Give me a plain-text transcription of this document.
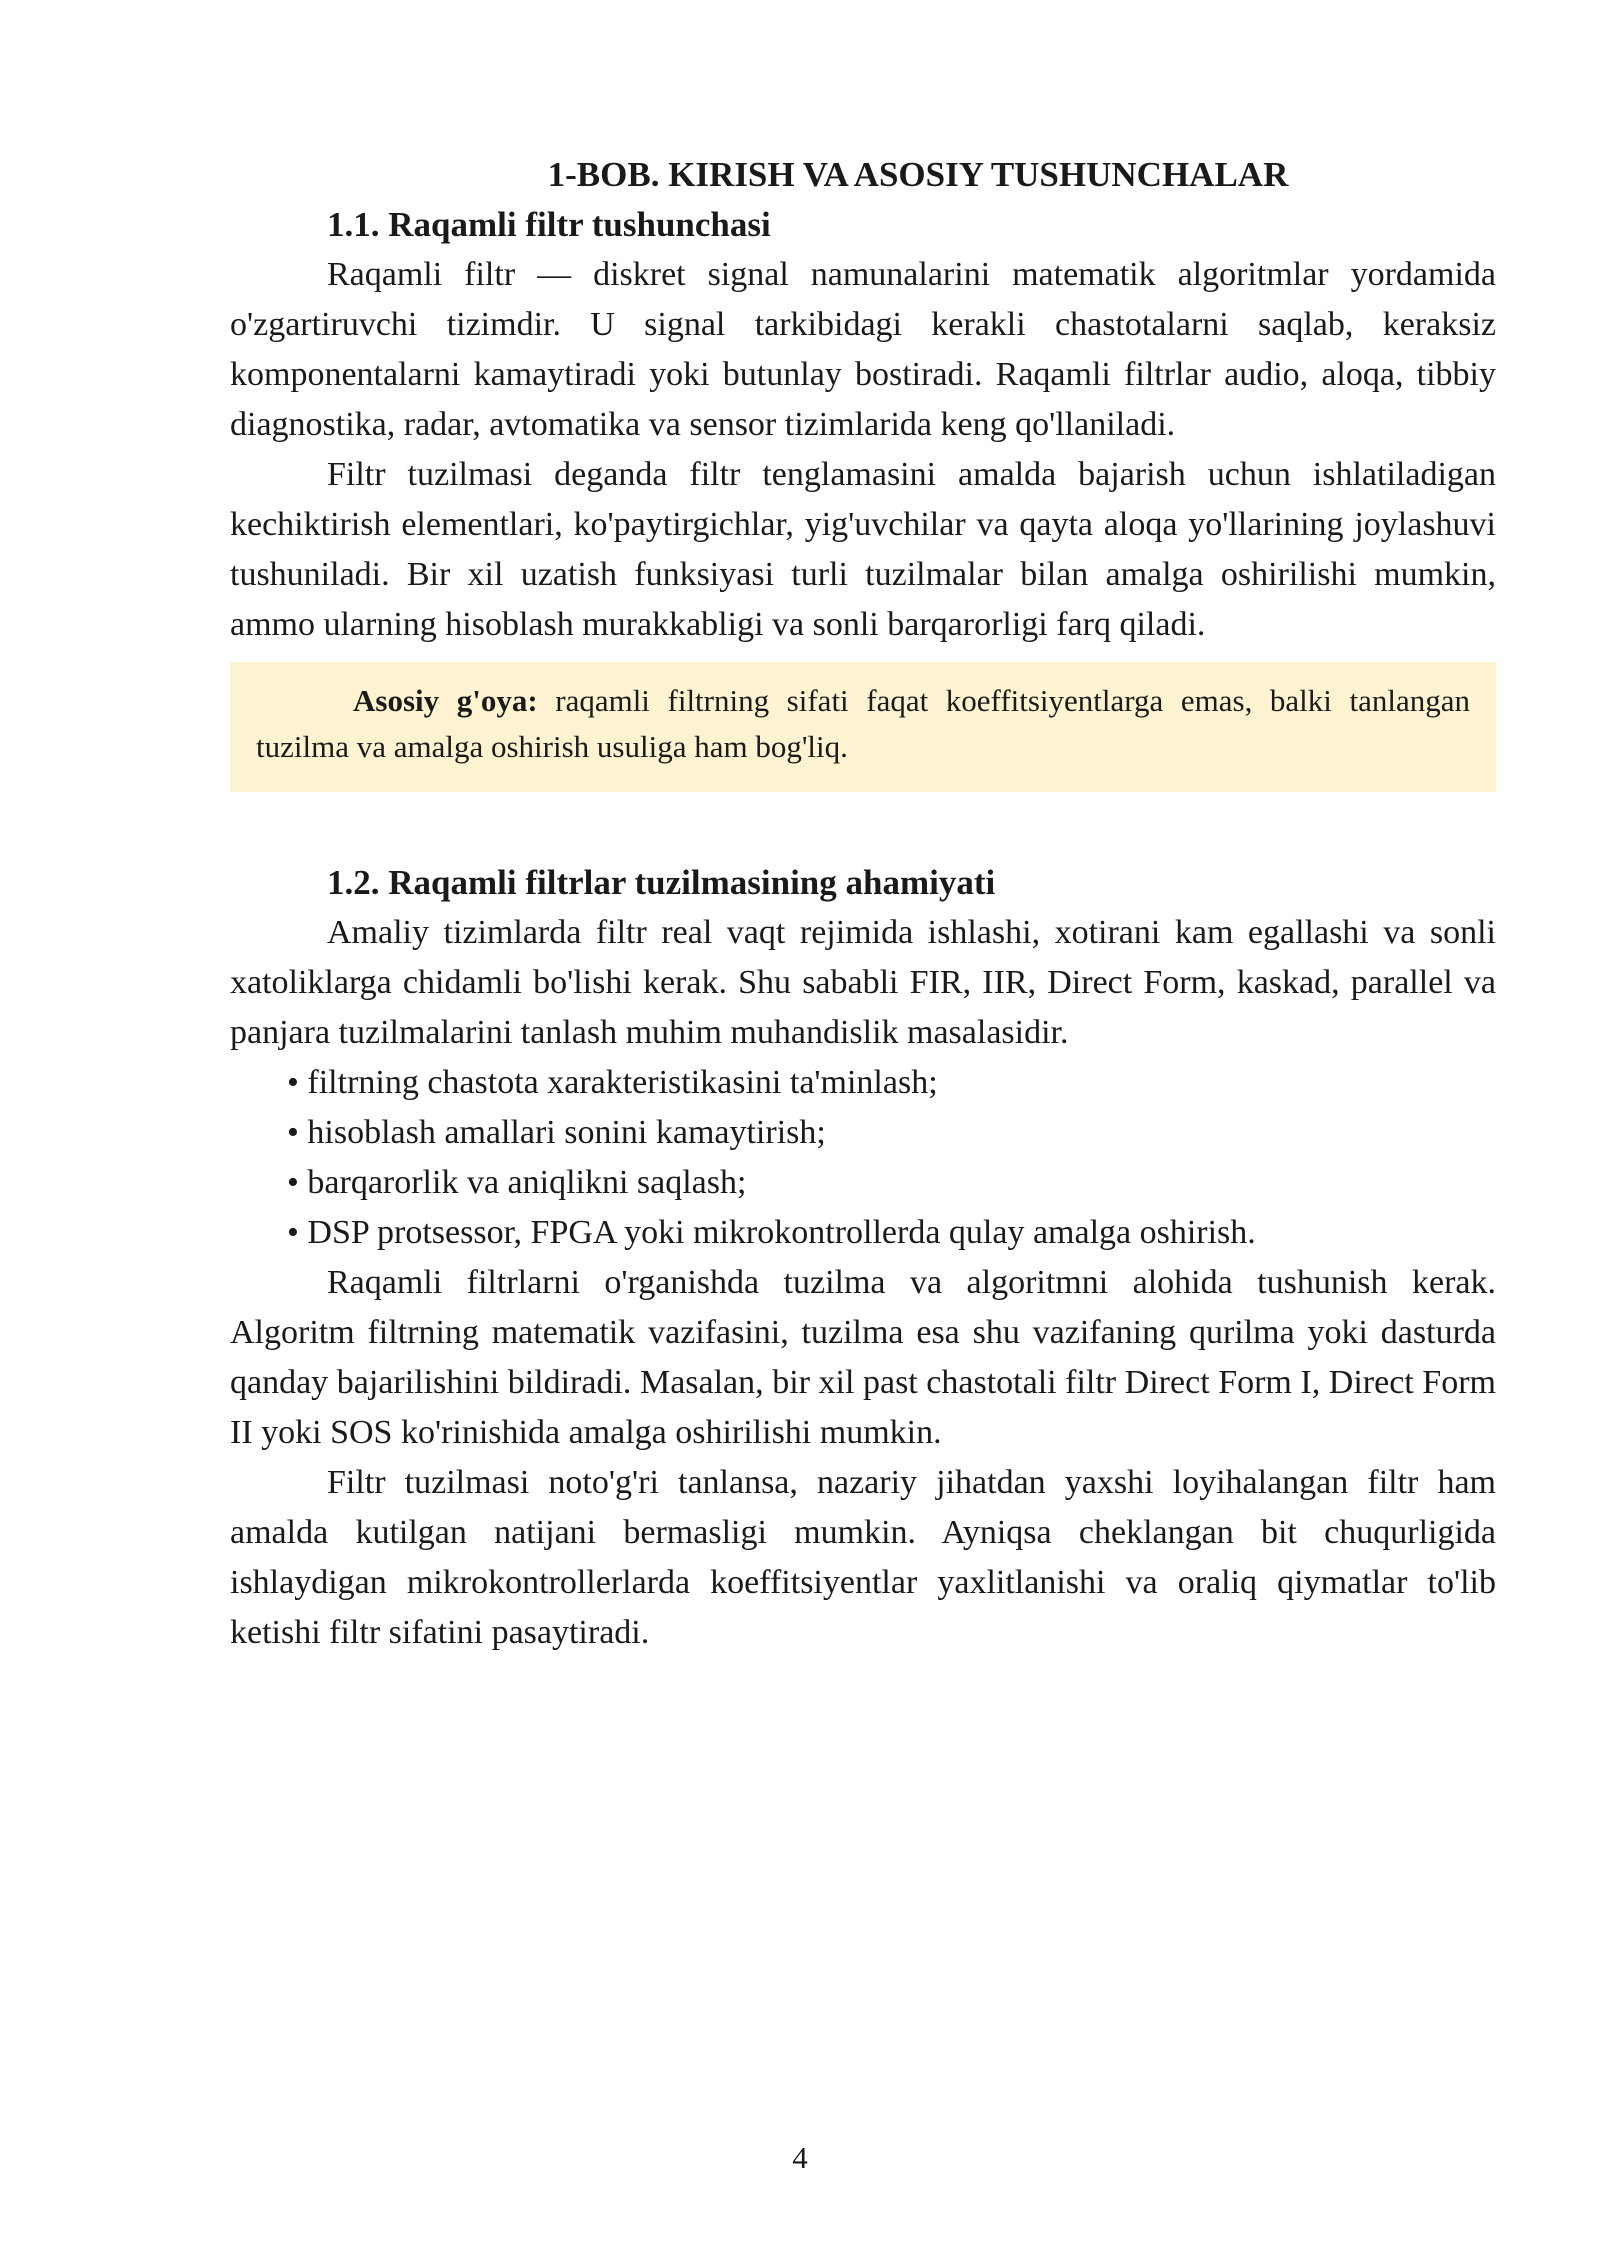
1-BOB. KIRISH VA ASOSIY TUSHUNCHALAR
1.1. Raqamli filtr tushunchasi

Raqamli filtr — diskret signal namunalarini matematik algoritmlar yordamida o'zgartiruvchi tizimdir. U signal tarkibidagi kerakli chastotalarni saqlab, keraksiz komponentalarni kamaytiradi yoki butunlay bostiradi. Raqamli filtrlar audio, aloqa, tibbiy diagnostika, radar, avtomatika va sensor tizimlarida keng qo'llaniladi.

Filtr tuzilmasi deganda filtr tenglamasini amalda bajarish uchun ishlatiladigan kechiktirish elementlari, ko'paytirgichlar, yig'uvchilar va qayta aloqa yo'llarining joylashuvi tushuniladi. Bir xil uzatish funksiyasi turli tuzilmalar bilan amalga oshirilishi mumkin, ammo ularning hisoblash murakkabligi va sonli barqarorligi farq qiladi.

Asosiy g'oya: raqamli filtrning sifati faqat koeffitsiyentlarga emas, balki tanlangan tuzilma va amalga oshirish usuliga ham bog'liq.
1.2. Raqamli filtrlar tuzilmasining ahamiyati

Amaliy tizimlarda filtr real vaqt rejimida ishlashi, xotirani kam egallashi va sonli xatoliklarga chidamli bo'lishi kerak. Shu sababli FIR, IIR, Direct Form, kaskad, parallel va panjara tuzilmalarini tanlash muhim muhandislik masalasidir.

• filtrning chastota xarakteristikasini ta'minlash;
• hisoblash amallari sonini kamaytirish;
• barqarorlik va aniqlikni saqlash;
• DSP protsessor, FPGA yoki mikrokontrollerda qulay amalga oshirish.

Raqamli filtrlarni o'rganishda tuzilma va algoritmni alohida tushunish kerak. Algoritm filtrning matematik vazifasini, tuzilma esa shu vazifaning qurilma yoki dasturda qanday bajarilishini bildiradi. Masalan, bir xil past chastotali filtr Direct Form I, Direct Form II yoki SOS ko'rinishida amalga oshirilishi mumkin.

Filtr tuzilmasi noto'g'ri tanlansa, nazariy jihatdan yaxshi loyihalangan filtr ham amalda kutilgan natijani bermasligi mumkin. Ayniqsa cheklangan bit chuqurligida ishlaydigan mikrokontrollerlarda koeffitsiyentlar yaxlitlanishi va oraliq qiymatlar to'lib ketishi filtr sifatini pasaytiradi.

4
